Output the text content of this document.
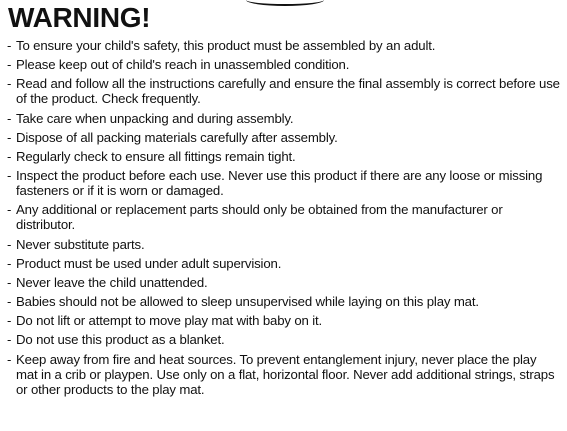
WARNING!
- To ensure your child's safety, this product must be assembled by an adult.
- Please keep out of child's reach in unassembled condition.
- Read and follow all the instructions carefully and ensure the final assembly is correct before use of the product. Check frequently.
- Take care when unpacking and during assembly.
- Dispose of all packing materials carefully after assembly.
- Regularly check to ensure all fittings remain tight.
- Inspect the product before each use. Never use this product if there are any loose or missing fasteners or if it is worn or damaged.
- Any additional or replacement parts should only be obtained from the manufacturer or distributor.
- Never substitute parts.
- Product must be used under adult supervision.
- Never leave the child unattended.
- Babies should not be allowed to sleep unsupervised while laying on this play mat.
- Do not lift or attempt to move play mat with baby on it.
- Do not use this product as a blanket.
- Keep away from fire and heat sources. To prevent entanglement injury, never place the play mat in a crib or playpen. Use only on a flat, horizontal floor. Never add additional strings, straps or other products to the play mat.
